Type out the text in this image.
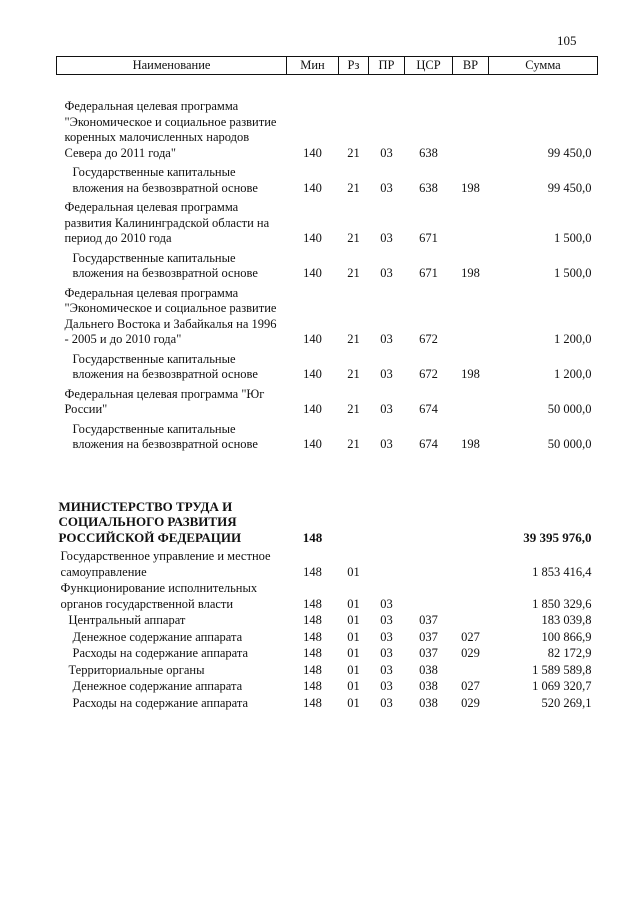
105
Наименование	Мин	Рз	ПР	ЦСР	ВР	Сумма
Федеральная целевая программа "Экономическое и социальное развитие коренных малочисленных народов Севера до 2011 года"	140	21	03	638		99 450,0
Государственные капитальные вложения на безвозвратной основе	140	21	03	638	198	99 450,0
Федеральная целевая программа развития Калининградской области на период до 2010 года	140	21	03	671		1 500,0
Государственные капитальные вложения на безвозвратной основе	140	21	03	671	198	1 500,0
Федеральная целевая программа "Экономическое и социальное развитие Дальнего Востока и Забайкалья на 1996 - 2005 и до 2010 года"	140	21	03	672		1 200,0
Государственные капитальные вложения на безвозвратной основе	140	21	03	672	198	1 200,0
Федеральная целевая программа "Юг России"	140	21	03	674		50 000,0
Государственные капитальные вложения на безвозвратной основе	140	21	03	674	198	50 000,0
МИНИСТЕРСТВО ТРУДА И СОЦИАЛЬНОГО РАЗВИТИЯ РОССИЙСКОЙ ФЕДЕРАЦИИ	148					39 395 976,0
Государственное управление и местное самоуправление	148	01				1 853 416,4
Функционирование исполнительных органов государственной власти	148	01	03			1 850 329,6
Центральный аппарат	148	01	03	037		183 039,8
Денежное содержание аппарата	148	01	03	037	027	100 866,9
Расходы на содержание аппарата	148	01	03	037	029	82 172,9
Территориальные органы	148	01	03	038		1 589 589,8
Денежное содержание аппарата	148	01	03	038	027	1 069 320,7
Расходы на содержание аппарата	148	01	03	038	029	520 269,1
